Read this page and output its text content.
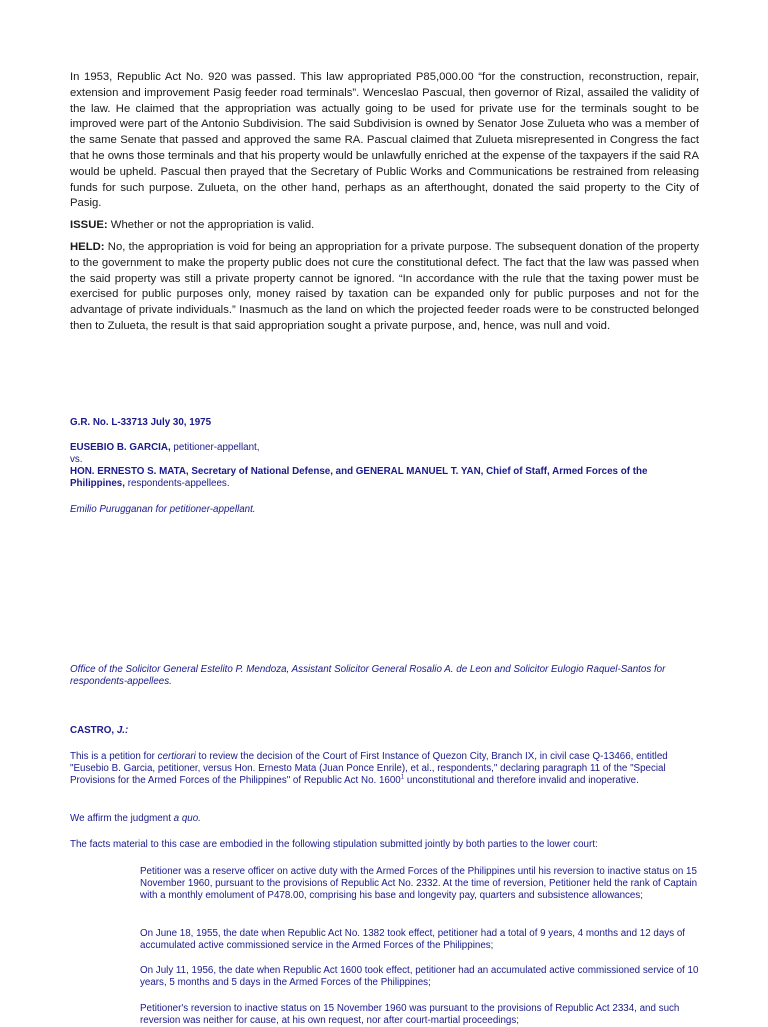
In 1953, Republic Act No. 920 was passed. This law appropriated P85,000.00 “for the construction, reconstruction, repair, extension and improvement Pasig feeder road terminals”. Wenceslao Pascual, then governor of Rizal, assailed the validity of the law. He claimed that the appropriation was actually going to be used for private use for the terminals sought to be improved were part of the Antonio Subdivision. The said Subdivision is owned by Senator Jose Zulueta who was a member of the same Senate that passed and approved the same RA. Pascual claimed that Zulueta misrepresented in Congress the fact that he owns those terminals and that his property would be unlawfully enriched at the expense of the taxpayers if the said RA would be upheld. Pascual then prayed that the Secretary of Public Works and Communications be restrained from releasing funds for such purpose. Zulueta, on the other hand, perhaps as an afterthought, donated the said property to the City of Pasig.

ISSUE: Whether or not the appropriation is valid.

HELD: No, the appropriation is void for being an appropriation for a private purpose. The subsequent donation of the property to the government to make the property public does not cure the constitutional defect. The fact that the law was passed when the said property was still a private property cannot be ignored. “In accordance with the rule that the taxing power must be exercised for public purposes only, money raised by taxation can be expanded only for public purposes and not for the advantage of private individuals.” Inasmuch as the land on which the projected feeder roads were to be constructed belonged then to Zulueta, the result is that said appropriation sought a private purpose, and, hence, was null and void.

G.R. No. L-33713 July 30, 1975

EUSEBIO B. GARCIA, petitioner-appellant,

vs.

HON. ERNESTO S. MATA, Secretary of National Defense, and GENERAL MANUEL T. YAN, Chief of Staff, Armed Forces of the Philippines, respondents-appellees.

Emilio Purugganan for petitioner-appellant.
Office of the Solicitor General Estelito P. Mendoza, Assistant Solicitor General Rosalio A. de Leon and Solicitor Eulogio Raquel-Santos for respondents-appellees.
CASTRO, J.:
This is a petition for certiorari to review the decision of the Court of First Instance of Quezon City, Branch IX, in civil case Q-13466, entitled "Eusebio B. Garcia, petitioner, versus Hon. Ernesto Mata (Juan Ponce Enrile), et al., respondents," declaring paragraph 11 of the "Special Provisions for the Armed Forces of the Philippines" of Republic Act No. 1600$^1$ unconstitutional and therefore invalid and inoperative.
We affirm the judgment a quo.
The facts material to this case are embodied in the following stipulation submitted jointly by both parties to the lower court:
Petitioner was a reserve officer on active duty with the Armed Forces of the Philippines until his reversion to inactive status on 15 November 1960, pursuant to the provisions of Republic Act No. 2332. At the time of reversion, Petitioner held the rank of Captain with a monthly emolument of P478.00, comprising his base and longevity pay, quarters and subsistence allowances;
On June 18, 1955, the date when Republic Act No. 1382 took effect, petitioner had a total of 9 years, 4 months and 12 days of accumulated active commissioned service in the Armed Forces of the Philippines;
On July 11, 1956, the date when Republic Act 1600 took effect, petitioner had an accumulated active commissioned service of 10 years, 5 months and 5 days in the Armed Forces of the Philippines;
Petitioner's reversion to inactive status on 15 November 1960 was pursuant to the provisions of Republic Act 2334, and such reversion was neither for cause, at his own request, nor after court-martial proceedings;
